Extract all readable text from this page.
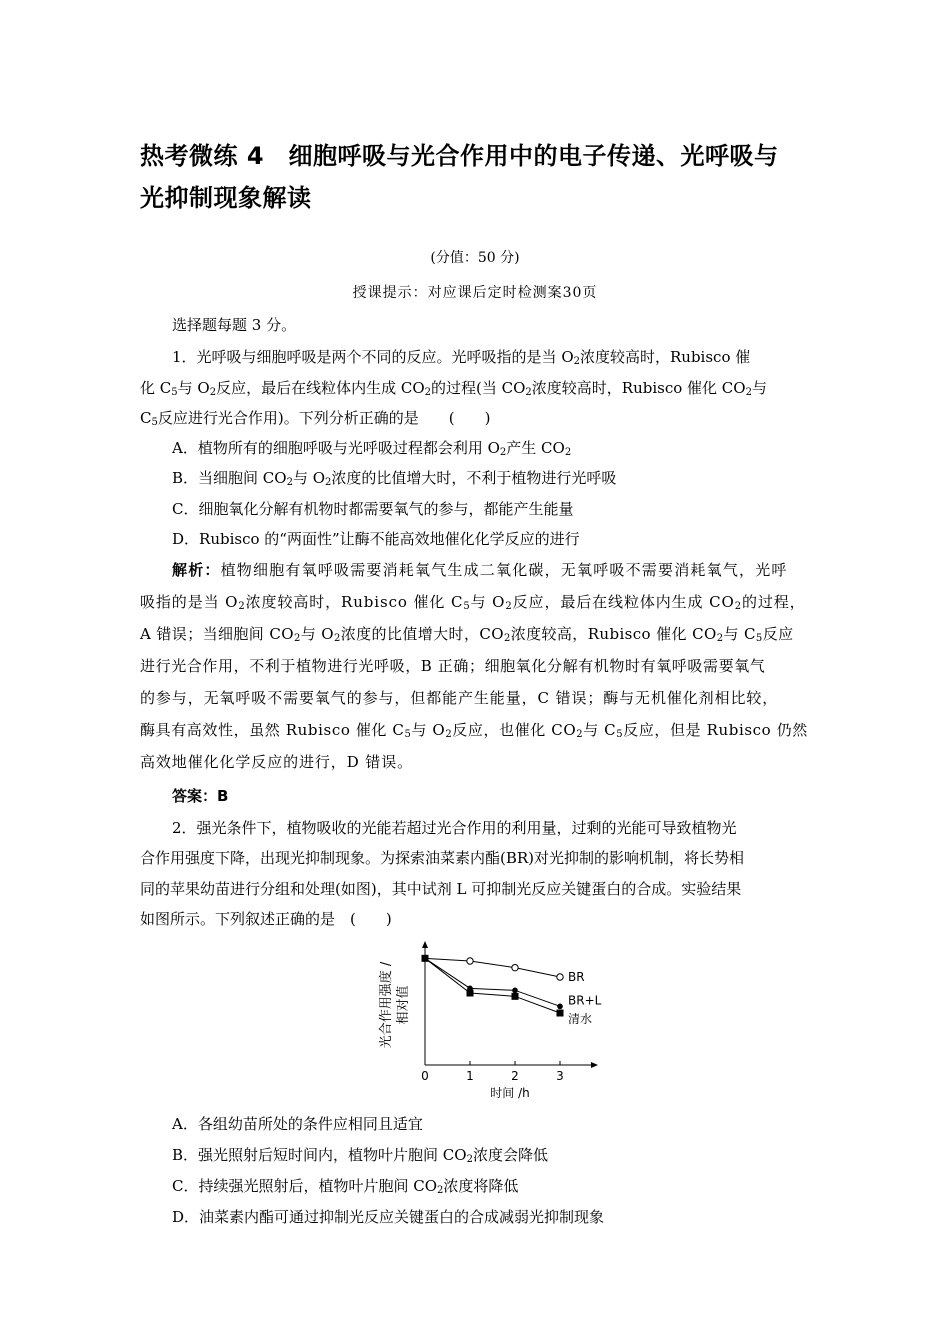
热考微练 4　细胞呼吸与光合作用中的电子传递、光呼吸与
光抑制现象解读
(分值：50 分)
授课提示：对应课后定时检测案30页
选择题每题 3 分。
1．光呼吸与细胞呼吸是两个不同的反应。光呼吸指的是当 $O_2$浓度较高时，Rubisco 催
化 $C_5$与 $O_2$反应，最后在线粒体内生成 $CO_2$的过程(当 $CO_2$浓度较高时，Rubisco 催化 $CO_2$与
$C_5$反应进行光合作用)。下列分析正确的是　　(　　)
A．植物所有的细胞呼吸与光呼吸过程都会利用 $O_2$产生 $CO_2$
B．当细胞间 $CO_2$与 $O_2$浓度的比值增大时，不利于植物进行光呼吸
C．细胞氧化分解有机物时都需要氧气的参与，都能产生能量
D．Rubisco 的“两面性”让酶不能高效地催化化学反应的进行
解析：植物细胞有氧呼吸需要消耗氧气生成二氧化碳，无氧呼吸不需要消耗氧气，光呼
吸指的是当 $O_2$浓度较高时，Rubisco 催化 $C_5$与 $O_2$反应，最后在线粒体内生成 $CO_2$的过程，
A 错误；当细胞间 $CO_2$与 $O_2$浓度的比值增大时，$CO_2$浓度较高，Rubisco 催化 $CO_2$与 $C_5$反应
进行光合作用，不利于植物进行光呼吸，B 正确；细胞氧化分解有机物时有氧呼吸需要氧气
的参与，无氧呼吸不需要氧气的参与，但都能产生能量，C 错误；酶与无机催化剂相比较，
酶具有高效性，虽然 Rubisco 催化 $C_5$与 $O_2$反应，也催化 $CO_2$与 $C_5$反应，但是 Rubisco 仍然
高效地催化化学反应的进行，D 错误。
答案：B
2．强光条件下，植物吸收的光能若超过光合作用的利用量，过剩的光能可导致植物光
合作用强度下降，出现光抑制现象。为探索油菜素内酯(BR)对光抑制的影响机制，将长势相
同的苹果幼苗进行分组和处理(如图)，其中试剂 L 可抑制光反应关键蛋白的合成。实验结果
如图所示。下列叙述正确的是　(　　)
0	1	2	3
BR
BR+L
清水
光合作用强度 / 相对值
时间 /h
A．各组幼苗所处的条件应相同且适宜
B．强光照射后短时间内，植物叶片胞间 $CO_2$浓度会降低
C．持续强光照射后，植物叶片胞间 $CO_2$浓度将降低
D．油菜素内酯可通过抑制光反应关键蛋白的合成减弱光抑制现象
